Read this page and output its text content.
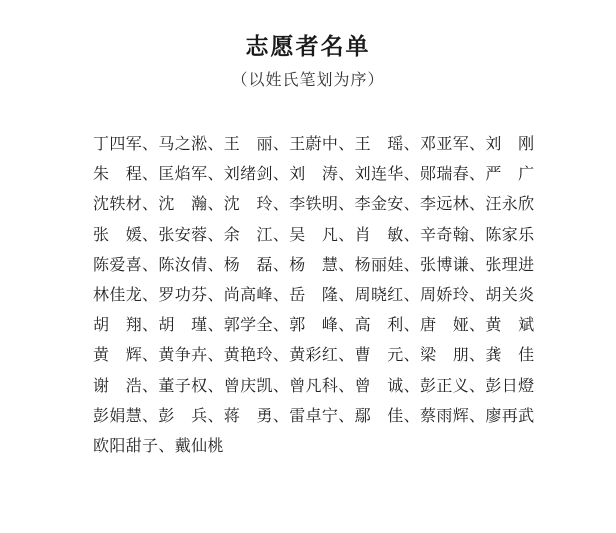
志愿者名单
（以姓氏笔划为序）
丁四军、马之淞、王　丽、王蔚中、王　瑶、邓亚军、刘　刚
朱　程、匡焰军、刘绪剑、刘　涛、刘连华、郧瑞春、严　广
沈轶材、沈　瀚、沈　玲、李铁明、李金安、李远林、汪永欣
张　媛、张安蓉、余　江、吴　凡、肖　敏、辛奇翰、陈家乐
陈爱喜、陈汝倩、杨　磊、杨　慧、杨丽娃、张博谦、张理进
林佳龙、罗功芬、尚高峰、岳　隆、周晓红、周娇玲、胡关炎
胡　翔、胡　瑾、郭学全、郭　峰、高　利、唐　娅、黄　斌
黄　辉、黄争卉、黄艳玲、黄彩红、曹　元、梁　朋、龚　佳
谢　浩、董子权、曾庆凯、曾凡科、曾　诚、彭正义、彭日燈
彭娟慧、彭　兵、蒋　勇、雷卓宁、鄢　佳、蔡雨辉、廖再武
欧阳甜子、戴仙桃
